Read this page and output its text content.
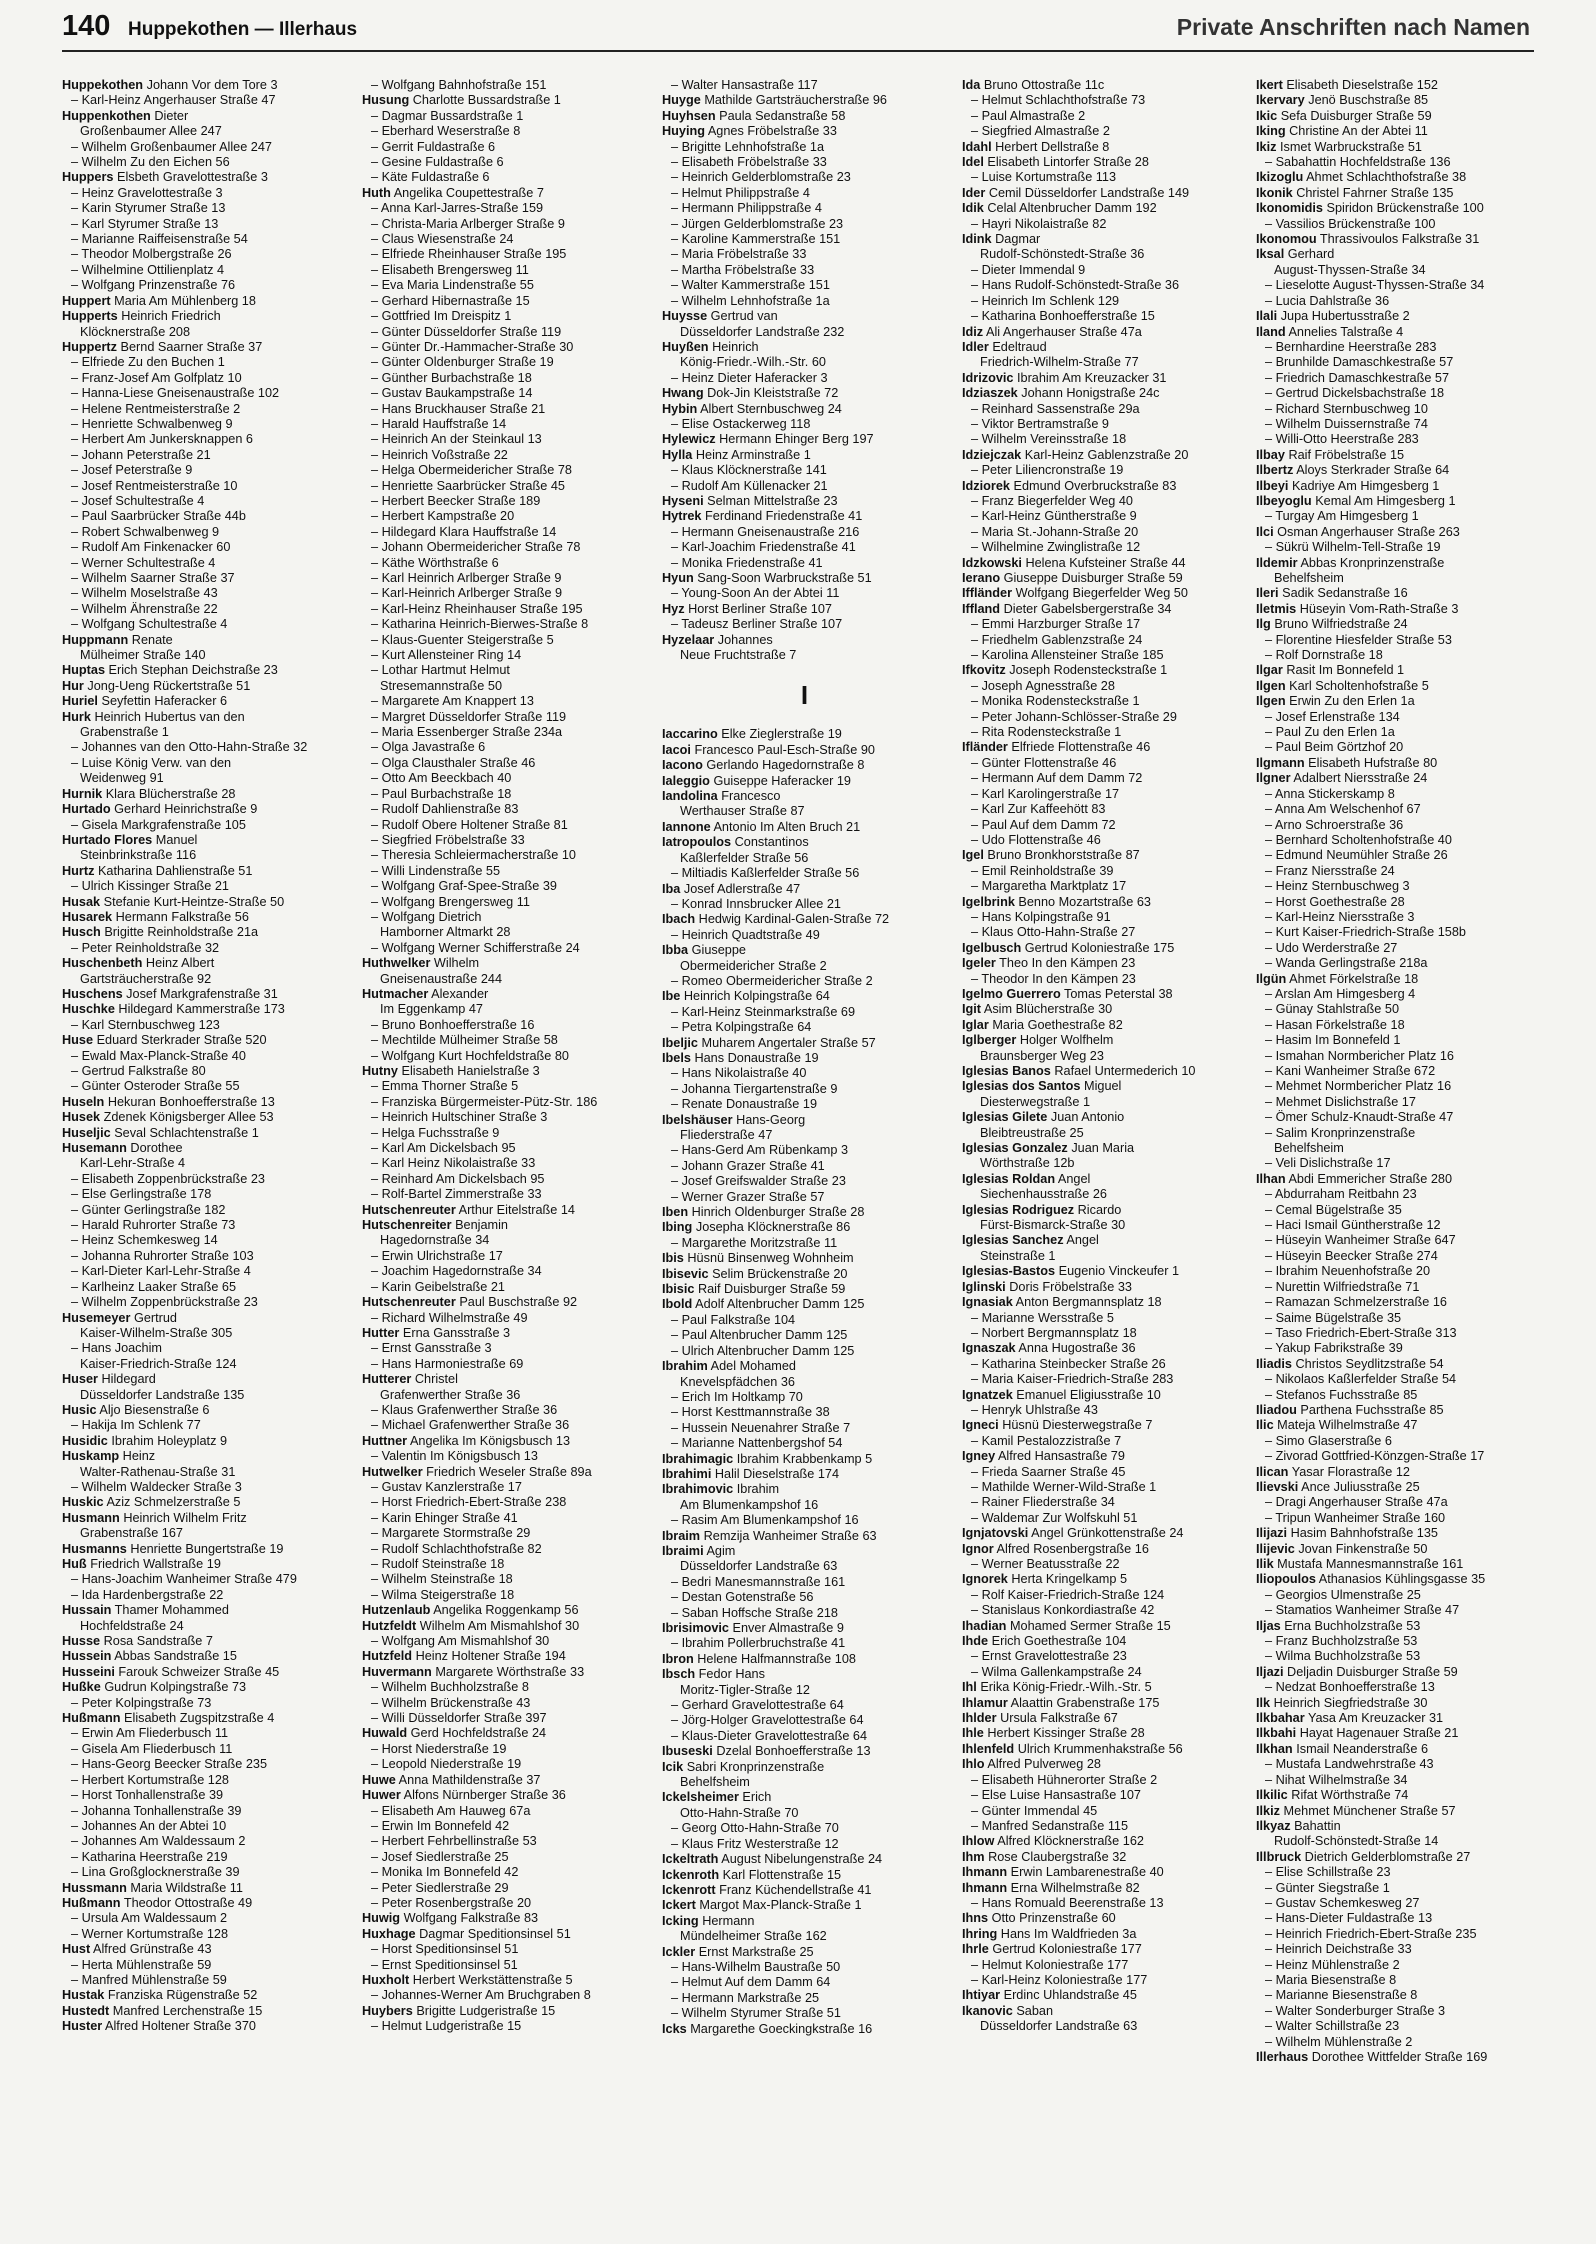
140 Huppekothen — Illerhaus	Private Anschriften nach Namen
Huppekothen Johann Vor dem Tore 3
– Karl-Heinz Angerhauser Straße 47
Huppenkothen Dieter
Großenbaumer Allee 247
– Wilhelm Großenbaumer Allee 247
– Wilhelm Zu den Eichen 56
Huppers Elsbeth Gravelottestraße 3
– Heinz Gravelottestraße 3
– Karin Styrumer Straße 13
– Karl Styrumer Straße 13
– Marianne Raiffeisenstraße 54
– Theodor Molbergstraße 26
– Wilhelmine Ottilienplatz 4
– Wolfgang Prinzenstraße 76
Huppert Maria Am Mühlenberg 18
Hupperts Heinrich Friedrich
Klöcknerstraße 208
Huppertz Bernd Saarner Straße 37
– Elfriede Zu den Buchen 1
– Franz-Josef Am Golfplatz 10
– Hanna-Liese Gneisenaustraße 102
– Helene Rentmeisterstraße 2
– Henriette Schwalbenweg 9
– Herbert Am Junkersknappen 6
– Johann Peterstraße 21
– Josef Peterstraße 9
– Josef Rentmeisterstraße 10
– Josef Schultestraße 4
– Paul Saarbrücker Straße 44b
– Robert Schwalbenweg 9
– Rudolf Am Finkenacker 60
– Werner Schultestraße 4
– Wilhelm Saarner Straße 37
– Wilhelm Moselstraße 43
– Wilhelm Ährenstraße 22
– Wolfgang Schultestraße 4
Huppmann Renate
Mülheimer Straße 140
Huptas Erich Stephan Deichstraße 23
Hur Jong-Ueng Rückertstraße 51
Huriel Seyfettin Haferacker 6
Hurk Heinrich Hubertus van den
Grabenstraße 1
– Johannes van den Otto-Hahn-Straße 32
– Luise König Verw. van den
Weidenweg 91
Hurnik Klara Blücherstraße 28
Hurtado Gerhard Heinrichstraße 9
– Gisela Markgrafenstraße 105
Hurtado Flores Manuel
Steinbrinkstraße 116
Hurtz Katharina Dahlienstraße 51
– Ulrich Kissinger Straße 21
Husak Stefanie Kurt-Heintze-Straße 50
Husarek Hermann Falkstraße 56
Husch Brigitte Reinholdstraße 21a
– Peter Reinholdstraße 32
Huschenbeth Heinz Albert
Gartsträucherstraße 92
Huschens Josef Markgrafenstraße 31
Huschke Hildegard Kammerstraße 173
– Karl Sternbuschweg 123
Huse Eduard Sterkrader Straße 520
– Ewald Max-Planck-Straße 40
– Gertrud Falkstraße 80
– Günter Osteroder Straße 55
Huseln Hekuran Bonhoefferstraße 13
Husek Zdenek Königsberger Allee 53
Huseljic Seval Schlachtenstraße 1
Husemann Dorothee
Karl-Lehr-Straße 4
– Elisabeth Zoppenbrückstraße 23
– Else Gerlingstraße 178
– Günter Gerlingstraße 182
– Harald Ruhrorter Straße 73
– Heinz Schemkesweg 14
– Johanna Ruhrorter Straße 103
– Karl-Dieter Karl-Lehr-Straße 4
– Karlheinz Laaker Straße 65
– Wilhelm Zoppenbrückstraße 23
Husemeyer Gertrud
Kaiser-Wilhelm-Straße 305
– Hans Joachim
Kaiser-Friedrich-Straße 124
Huser Hildegard
Düsseldorfer Landstraße 135
Husic Aljo Biesenstraße 6
– Hakija Im Schlenk 77
Husidic Ibrahim Holeyplatz 9
Huskamp Heinz
Walter-Rathenau-Straße 31
– Wilhelm Waldecker Straße 3
Huskic Aziz Schmelzerstraße 5
Husmann Heinrich Wilhelm Fritz
Grabenstraße 167
Husmanns Henriette Bungertstraße 19
Huß Friedrich Wallstraße 19
– Hans-Joachim Wanheimer Straße 479
– Ida Hardenbergstraße 22
Hussain Thamer Mohammed
Hochfeldstraße 24
Husse Rosa Sandstraße 7
Hussein Abbas Sandstraße 15
Husseini Farouk Schweizer Straße 45
Hußke Gudrun Kolpingstraße 73
– Peter Kolpingstraße 73
Hußmann Elisabeth Zugspitzstraße 4
– Erwin Am Fliederbusch 11
– Gisela Am Fliederbusch 11
– Hans-Georg Beecker Straße 235
– Herbert Kortumstraße 128
– Horst Tonhallenstraße 39
– Johanna Tonhallenstraße 39
– Johannes An der Abtei 10
– Johannes Am Waldessaum 2
– Katharina Heerstraße 219
– Lina Großglocknerstraße 39
Hussmann Maria Wildstraße 11
Hußmann Theodor Ottostraße 49
– Ursula Am Waldessaum 2
– Werner Kortumstraße 128
Hust Alfred Grünstraße 43
– Herta Mühlenstraße 59
– Manfred Mühlenstraße 59
Hustak Franziska Rügenstraße 52
Hustedt Manfred Lerchenstraße 15
Huster Alfred Holtener Straße 370
– Wolfgang Bahnhofstraße 151
Husung Charlotte Bussardstraße 1
– Dagmar Bussardstraße 1
– Eberhard Weserstraße 8
– Gerrit Fuldastraße 6
– Gesine Fuldastraße 6
– Käte Fuldastraße 6
Huth Angelika Coupettestraße 7
– Anna Karl-Jarres-Straße 159
– Christa-Maria Arlberger Straße 9
– Claus Wiesenstraße 24
– Elfriede Rheinhauser Straße 195
– Elisabeth Brengersweg 11
– Eva Maria Lindenstraße 55
– Gerhard Hibernastraße 15
– Gottfried Im Dreispitz 1
– Günter Düsseldorfer Straße 119
– Günter Dr.-Hammacher-Straße 30
– Günter Oldenburger Straße 19
– Günther Burbachstraße 18
– Gustav Baukampstraße 14
– Hans Bruckhauser Straße 21
– Harald Hauffstraße 14
– Heinrich An der Steinkaul 13
– Heinrich Voßstraße 22
– Helga Obermeidericher Straße 78
– Henriette Saarbrücker Straße 45
– Herbert Beecker Straße 189
– Herbert Kampstraße 20
– Hildegard Klara Hauffstraße 14
– Johann Obermeidericher Straße 78
– Käthe Wörthstraße 6
– Karl Heinrich Arlberger Straße 9
– Karl-Heinrich Arlberger Straße 9
– Karl-Heinz Rheinhauser Straße 195
– Katharina Heinrich-Bierwes-Straße 8
– Klaus-Guenter Steigerstraße 5
– Kurt Allensteiner Ring 14
– Lothar Hartmut Helmut
Stresemannstraße 50
– Margarete Am Knappert 13
– Margret Düsseldorfer Straße 119
– Maria Essenberger Straße 234a
– Olga Javastraße 6
– Olga Clausthaler Straße 46
– Otto Am Beeckbach 40
– Paul Burbachstraße 18
– Rudolf Dahlienstraße 83
– Rudolf Obere Holtener Straße 81
– Siegfried Fröbelstraße 33
– Theresia Schleiermacherstraße 10
– Willi Lindenstraße 55
– Wolfgang Graf-Spee-Straße 39
– Wolfgang Brengersweg 11
– Wolfgang Dietrich
Hamborner Altmarkt 28
– Wolfgang Werner Schifferstraße 24
Huthwelker Wilhelm
Gneisenaustraße 244
Hutmacher Alexander
Im Eggenkamp 47
– Bruno Bonhoefferstraße 16
– Mechtilde Mülheimer Straße 58
– Wolfgang Kurt Hochfeldstraße 80
Hutny Elisabeth Hanielstraße 3
– Emma Thorner Straße 5
– Franziska Bürgermeister-Pütz-Str. 186
– Heinrich Hultschiner Straße 3
– Helga Fuchsstraße 9
– Karl Am Dickelsbach 95
– Karl Heinz Nikolaistraße 33
– Reinhard Am Dickelsbach 95
– Rolf-Bartel Zimmerstraße 33
Hutschenreuter Arthur Eitelstraße 14
Hutschenreiter Benjamin
Hagedornstraße 34
– Erwin Ulrichstraße 17
– Joachim Hagedornstraße 34
– Karin Geibelstraße 21
Hutschenreuter Paul Buschstraße 92
– Richard Wilhelmstraße 49
Hutter Erna Gansstraße 3
– Ernst Gansstraße 3
– Hans Harmoniestraße 69
Hutterer Christel
Grafenwerther Straße 36
– Klaus Grafenwerther Straße 36
– Michael Grafenwerther Straße 36
Huttner Angelika Im Königsbusch 13
– Valentin Im Königsbusch 13
Hutwelker Friedrich Weseler Straße 89a
– Gustav Kanzlerstraße 17
– Horst Friedrich-Ebert-Straße 238
– Karin Ehinger Straße 41
– Margarete Stormstraße 29
– Rudolf Schlachthofstraße 82
– Rudolf Steinstraße 18
– Wilhelm Steinstraße 18
– Wilma Steigerstraße 18
Hutzenlaub Angelika Roggenkamp 56
Hutzfeldt Wilhelm Am Mismahlshof 30
– Wolfgang Am Mismahlshof 30
Hutzfeld Heinz Holtener Straße 194
Huvermann Margarete Wörthstraße 33
– Wilhelm Buchholzstraße 8
– Wilhelm Brückenstraße 43
– Willi Düsseldorfer Straße 397
Huwald Gerd Hochfeldstraße 24
– Horst Niederstraße 19
– Leopold Niederstraße 19
Huwe Anna Mathildenstraße 37
Huwer Alfons Nürnberger Straße 36
– Elisabeth Am Hauweg 67a
– Erwin Im Bonnefeld 42
– Herbert Fehrbellinstraße 53
– Josef Siedlerstraße 25
– Monika Im Bonnefeld 42
– Peter Siedlerstraße 29
– Peter Rosenbergstraße 20
Huwig Wolfgang Falkstraße 83
Huxhage Dagmar Speditionsinsel 51
– Horst Speditionsinsel 51
– Ernst Speditionsinsel 51
Huxholt Herbert Werkstättenstraße 5
– Johannes-Werner Am Bruchgraben 8
Huybers Brigitte Ludgeristraße 15
– Helmut Ludgeristraße 15
– Walter Hansastraße 117
Huyge Mathilde Gartsträucherstraße 96
Huyhsen Paula Sedanstraße 58
Huying Agnes Fröbelstraße 33
– Brigitte Lehnhofstraße 1a
– Elisabeth Fröbelstraße 33
– Heinrich Gelderblomstraße 23
– Helmut Philippstraße 4
– Hermann Philippstraße 4
– Jürgen Gelderblomstraße 23
– Karoline Kammerstraße 151
– Maria Fröbelstraße 33
– Martha Fröbelstraße 33
– Walter Kammerstraße 151
– Wilhelm Lehnhofstraße 1a
Huysse Gertrud van
Düsseldorfer Landstraße 232
Huyßen Heinrich
König-Friedr.-Wilh.-Str. 60
– Heinz Dieter Haferacker 3
Hwang Dok-Jin Kleiststraße 72
Hybin Albert Sternbuschweg 24
– Elise Ostackerweg 118
Hylewicz Hermann Ehinger Berg 197
Hylla Heinz Arminstraße 1
– Klaus Klöcknerstraße 141
– Rudolf Am Küllenacker 21
Hyseni Selman Mittelstraße 23
Hytrek Ferdinand Friedenstraße 41
– Hermann Gneisenaustraße 216
– Karl-Joachim Friedenstraße 41
– Monika Friedenstraße 41
Hyun Sang-Soon Warbruckstraße 51
– Young-Soon An der Abtei 11
Hyz Horst Berliner Straße 107
– Tadeusz Berliner Straße 107
Hyzelaar Johannes
Neue Fruchtstraße 7
I
Iaccarino Elke Zieglerstraße 19
Iacoi Francesco Paul-Esch-Straße 90
Iacono Gerlando Hagedornstraße 8
Ialeggio Guiseppe Haferacker 19
Iandolina Francesco
Werthauser Straße 87
Iannone Antonio Im Alten Bruch 21
Iatropoulos Constantinos
Kaßlerfelder Straße 56
– Miltiadis Kaßlerfelder Straße 56
Iba Josef Adlerstraße 47
– Konrad Innsbrucker Allee 21
Ibach Hedwig Kardinal-Galen-Straße 72
– Heinrich Quadtstraße 49
Ibba Giuseppe
Obermeidericher Straße 2
– Romeo Obermeidericher Straße 2
Ibe Heinrich Kolpingstraße 64
– Karl-Heinz Steinmarkstraße 69
– Petra Kolpingstraße 64
Ibeljic Muharem Angertaler Straße 57
Ibels Hans Donaustraße 19
– Hans Nikolaistraße 40
– Johanna Tiergartenstraße 9
– Renate Donaustraße 19
Ibelshäuser Hans-Georg
Fliederstraße 47
– Hans-Gerd Am Rübenkamp 3
– Johann Grazer Straße 41
– Josef Greifswalder Straße 23
– Werner Grazer Straße 57
Iben Hinrich Oldenburger Straße 28
Ibing Josepha Klöcknerstraße 86
– Margarethe Moritzstraße 11
Ibis Hüsnü Binsenweg Wohnheim
Ibisevic Selim Brückenstraße 20
Ibisic Raif Duisburger Straße 59
Ibold Adolf Altenbrucher Damm 125
– Paul Falkstraße 104
– Paul Altenbrucher Damm 125
– Ulrich Altenbrucher Damm 125
Ibrahim Adel Mohamed
Knevelspfädchen 36
– Erich Im Holtkamp 70
– Horst Kesttmannstraße 38
– Hussein Neuenahrer Straße 7
– Marianne Nattenbergshof 54
Ibrahimagic Ibrahim Krabbenkamp 5
Ibrahimi Halil Dieselstraße 174
Ibrahimovic Ibrahim
Am Blumenkampshof 16
– Rasim Am Blumenkampshof 16
Ibraim Remzija Wanheimer Straße 63
Ibraimi Agim
Düsseldorfer Landstraße 63
– Bedri Manesmannstraße 161
– Destan Gotenstraße 56
– Saban Hoffsche Straße 218
Ibrisimovic Enver Almastraße 9
– Ibrahim Pollerbruchstraße 41
Ibron Helene Halfmannstraße 108
Ibsch Fedor Hans
Moritz-Tigler-Straße 12
– Gerhard Gravelottestraße 64
– Jörg-Holger Gravelottestraße 64
– Klaus-Dieter Gravelottestraße 64
Ibuseski Dzelal Bonhoefferstraße 13
Icik Sabri Kronprinzenstraße
Behelfsheim
Ickelsheimer Erich
Otto-Hahn-Straße 70
– Georg Otto-Hahn-Straße 70
– Klaus Fritz Westerstraße 12
Ickeltrath August Nibelungenstraße 24
Ickenroth Karl Flottenstraße 15
Ickenrott Franz Küchendellstraße 41
Ickert Margot Max-Planck-Straße 1
Icking Hermann
Mündelheimer Straße 162
Ickler Ernst Markstraße 25
– Hans-Wilhelm Baustraße 50
– Helmut Auf dem Damm 64
– Hermann Markstraße 25
– Wilhelm Styrumer Straße 51
Icks Margarethe Goeckingkstraße 16
Ida Bruno Ottostraße 11c
– Helmut Schlachthofstraße 73
– Paul Almastraße 2
– Siegfried Almastraße 2
Idahl Herbert Dellstraße 8
Idel Elisabeth Lintorfer Straße 28
– Luise Kortumstraße 113
Ider Cemil Düsseldorfer Landstraße 149
Idik Celal Altenbrucher Damm 192
– Hayri Nikolaistraße 82
Idink Dagmar
Rudolf-Schönstedt-Straße 36
– Dieter Immendal 9
– Hans Rudolf-Schönstedt-Straße 36
– Heinrich Im Schlenk 129
– Katharina Bonhoefferstraße 15
Idiz Ali Angerhauser Straße 47a
Idler Edeltraud
Friedrich-Wilhelm-Straße 77
Idrizovic Ibrahim Am Kreuzacker 31
Idziaszek Johann Honigstraße 24c
– Reinhard Sassenstraße 29a
– Viktor Bertramstraße 9
– Wilhelm Vereinsstraße 18
Idziejczak Karl-Heinz Gablenzstraße 20
– Peter Liliencronstraße 19
Idziorek Edmund Overbruckstraße 83
– Franz Biegerfelder Weg 40
– Karl-Heinz Güntherstraße 9
– Maria St.-Johann-Straße 20
– Wilhelmine Zwinglistraße 12
Idzkowski Helena Kufsteiner Straße 44
Ierano Giuseppe Duisburger Straße 59
Iffländer Wolfgang Biegerfelder Weg 50
Iffland Dieter Gabelsbergerstraße 34
– Emmi Harzburger Straße 17
– Friedhelm Gablenzstraße 24
– Karolina Allensteiner Straße 185
Ifkovitz Joseph Rodensteckstraße 1
– Joseph Agnesstraße 28
– Monika Rodensteckstraße 1
– Peter Johann-Schlösser-Straße 29
– Rita Rodensteckstraße 1
Ifländer Elfriede Flottenstraße 46
– Günter Flottenstraße 46
– Hermann Auf dem Damm 72
– Karl Karolingerstraße 17
– Karl Zur Kaffeehött 83
– Paul Auf dem Damm 72
– Udo Flottenstraße 46
Igel Bruno Bronkhorststraße 87
– Emil Reinholdstraße 39
– Margaretha Marktplatz 17
Igelbrink Benno Mozartstraße 63
– Hans Kolpingstraße 91
– Klaus Otto-Hahn-Straße 27
Igelbusch Gertrud Koloniestraße 175
Igeler Theo In den Kämpen 23
– Theodor In den Kämpen 23
Igelmo Guerrero Tomas Peterstal 38
Igit Asim Blücherstraße 30
Iglar Maria Goethestraße 82
Iglberger Holger Wolfhelm
Braunsberger Weg 23
Iglesias Banos Rafael Untermederich 10
Iglesias dos Santos Miguel
Diesterwegstraße 1
Iglesias Gilete Juan Antonio
Bleibtreustraße 25
Iglesias Gonzalez Juan Maria
Wörthstraße 12b
Iglesias Roldan Angel
Siechenhausstraße 26
Iglesias Rodriguez Ricardo
Fürst-Bismarck-Straße 30
Iglesias Sanchez Angel
Steinstraße 1
Iglesias-Bastos Eugenio Vinckeufer 1
Iglinski Doris Fröbelstraße 33
Ignasiak Anton Bergmannsplatz 18
– Marianne Wersstraße 5
– Norbert Bergmannsplatz 18
Ignaszak Anna Hugostraße 36
– Katharina Steinbecker Straße 26
– Maria Kaiser-Friedrich-Straße 283
Ignatzek Emanuel Eligiusstraße 10
– Henryk Uhlstraße 43
Igneci Hüsnü Diesterwegstraße 7
– Kamil Pestalozzistraße 7
Igney Alfred Hansastraße 79
– Frieda Saarner Straße 45
– Mathilde Werner-Wild-Straße 1
– Rainer Fliederstraße 34
– Waldemar Zur Wolfskuhl 51
Ignjatovski Angel Grünkottenstraße 24
Ignor Alfred Rosenbergstraße 16
– Werner Beatusstraße 22
Ignorek Herta Kringelkamp 5
– Rolf Kaiser-Friedrich-Straße 124
– Stanislaus Konkordiastraße 42
Ihadian Mohamed Sermer Straße 15
Ihde Erich Goethestraße 104
– Ernst Gravelottestraße 23
– Wilma Gallenkampstraße 24
Ihl Erika König-Friedr.-Wilh.-Str. 5
Ihlamur Alaattin Grabenstraße 175
Ihlder Ursula Falkstraße 67
Ihle Herbert Kissinger Straße 28
Ihlenfeld Ulrich Krummenhakstraße 56
Ihlo Alfred Pulverweg 28
– Elisabeth Hühnerorter Straße 2
– Else Luise Hansastraße 107
– Günter Immendal 45
– Manfred Sedanstraße 115
Ihlow Alfred Klöcknerstraße 162
Ihm Rose Claubergstraße 32
Ihmann Erwin Lambarenestraße 40
Ihmann Erna Wilhelmstraße 82
– Hans Romuald Beerenstraße 13
Ihns Otto Prinzenstraße 60
Ihring Hans Im Waldfrieden 3a
Ihrle Gertrud Koloniestraße 177
– Helmut Koloniestraße 177
– Karl-Heinz Koloniestraße 177
Ihtiyar Erdinc Uhlandstraße 45
Ikanovic Saban
Düsseldorfer Landstraße 63
Ikert Elisabeth Dieselstraße 152
Ikervary Jenö Buschstraße 85
Ikic Sefa Duisburger Straße 59
Iking Christine An der Abtei 11
Ikiz Ismet Warbruckstraße 51
– Sabahattin Hochfeldstraße 136
Ikizoglu Ahmet Schlachthofstraße 38
Ikonik Christel Fahrner Straße 135
Ikonomidis Spiridon Brückenstraße 100
– Vassilios Brückenstraße 100
Ikonomou Thrassivoulos Falkstraße 31
Iksal Gerhard
August-Thyssen-Straße 34
– Lieselotte August-Thyssen-Straße 34
– Lucia Dahlstraße 36
Ilali Jupa Hubertusstraße 2
Iland Annelies Talstraße 4
– Bernhardine Heerstraße 283
– Brunhilde Damaschkestraße 57
– Friedrich Damaschkestraße 57
– Gertrud Dickelsbachstraße 18
– Richard Sternbuschweg 10
– Wilhelm Duissernstraße 74
– Willi-Otto Heerstraße 283
Ilbay Raif Fröbelstraße 15
Ilbertz Aloys Sterkrader Straße 64
Ilbeyi Kadriye Am Himgesberg 1
Ilbeyoglu Kemal Am Himgesberg 1
– Turgay Am Himgesberg 1
Ilci Osman Angerhauser Straße 263
– Sükrü Wilhelm-Tell-Straße 19
Ildemir Abbas Kronprinzenstraße
Behelfsheim
Ileri Sadik Sedanstraße 16
Iletmis Hüseyin Vom-Rath-Straße 3
Ilg Bruno Wilfriedstraße 24
– Florentine Hiesfelder Straße 53
– Rolf Dornstraße 18
Ilgar Rasit Im Bonnefeld 1
Ilgen Karl Scholtenhofstraße 5
Ilgen Erwin Zu den Erlen 1a
– Josef Erlenstraße 134
– Paul Zu den Erlen 1a
– Paul Beim Görtzhof 20
Ilgmann Elisabeth Hufstraße 80
Ilgner Adalbert Niersstraße 24
– Anna Stickerskamp 8
– Anna Am Welschenhof 67
– Arno Schroerstraße 36
– Bernhard Scholtenhofstraße 40
– Edmund Neumühler Straße 26
– Franz Niersstraße 24
– Heinz Sternbuschweg 3
– Horst Goethestraße 28
– Karl-Heinz Niersstraße 3
– Kurt Kaiser-Friedrich-Straße 158b
– Udo Werderstraße 27
– Wanda Gerlingstraße 218a
Ilgün Ahmet Förkelstraße 18
– Arslan Am Himgesberg 4
– Günay Stahlstraße 50
– Hasan Förkelstraße 18
– Hasim Im Bonnefeld 1
– Ismahan Normbericher Platz 16
– Kani Wanheimer Straße 672
– Mehmet Normbericher Platz 16
– Mehmet Dislichstraße 17
– Ömer Schulz-Knaudt-Straße 47
– Salim Kronprinzenstraße
Behelfsheim
– Veli Dislichstraße 17
Ilhan Abdi Emmericher Straße 280
– Abdurraham Reitbahn 23
– Cemal Bügelstraße 35
– Haci Ismail Güntherstraße 12
– Hüseyin Wanheimer Straße 647
– Hüseyin Beecker Straße 274
– Ibrahim Neuenhofstraße 20
– Nurettin Wilfriedstraße 71
– Ramazan Schmelzerstraße 16
– Saime Bügelstraße 35
– Taso Friedrich-Ebert-Straße 313
– Yakup Fabrikstraße 39
Iliadis Christos Seydlitzstraße 54
– Nikolaos Kaßlerfelder Straße 54
– Stefanos Fuchsstraße 85
Iliadou Parthena Fuchsstraße 85
Ilic Mateja Wilhelmstraße 47
– Simo Glaserstraße 6
– Zivorad Gottfried-Könzgen-Straße 17
Ilican Yasar Florastraße 12
Ilievski Ance Juliusstraße 25
– Dragi Angerhauser Straße 47a
– Tripun Wanheimer Straße 160
Ilijazi Hasim Bahnhofstraße 135
Ilijevic Jovan Finkenstraße 50
Ilik Mustafa Mannesmannstraße 161
Iliopoulos Athanasios Kühlingsgasse 35
– Georgios Ulmenstraße 25
– Stamatios Wanheimer Straße 47
Iljas Erna Buchholzstraße 53
– Franz Buchholzstraße 53
– Wilma Buchholzstraße 53
Iljazi Deljadin Duisburger Straße 59
– Nedzat Bonhoefferstraße 13
Ilk Heinrich Siegfriedstraße 30
Ilkbahar Yasa Am Kreuzacker 31
Ilkbahi Hayat Hagenauer Straße 21
Ilkhan Ismail Neanderstraße 6
– Mustafa Landwehrstraße 43
– Nihat Wilhelmstraße 34
Ilkilic Rifat Wörthstraße 74
Ilkiz Mehmet Münchener Straße 57
Ilkyaz Bahattin
Rudolf-Schönstedt-Straße 14
Illbruck Dietrich Gelderblomstraße 27
– Elise Schillstraße 23
– Günter Siegstraße 1
– Gustav Schemkesweg 27
– Hans-Dieter Fuldastraße 13
– Heinrich Friedrich-Ebert-Straße 235
– Heinrich Deichstraße 33
– Heinz Mühlenstraße 2
– Maria Biesenstraße 8
– Marianne Biesenstraße 8
– Walter Sonderburger Straße 3
– Walter Schillstraße 23
– Wilhelm Mühlenstraße 2
Illerhaus Dorothee Wittfelder Straße 169
